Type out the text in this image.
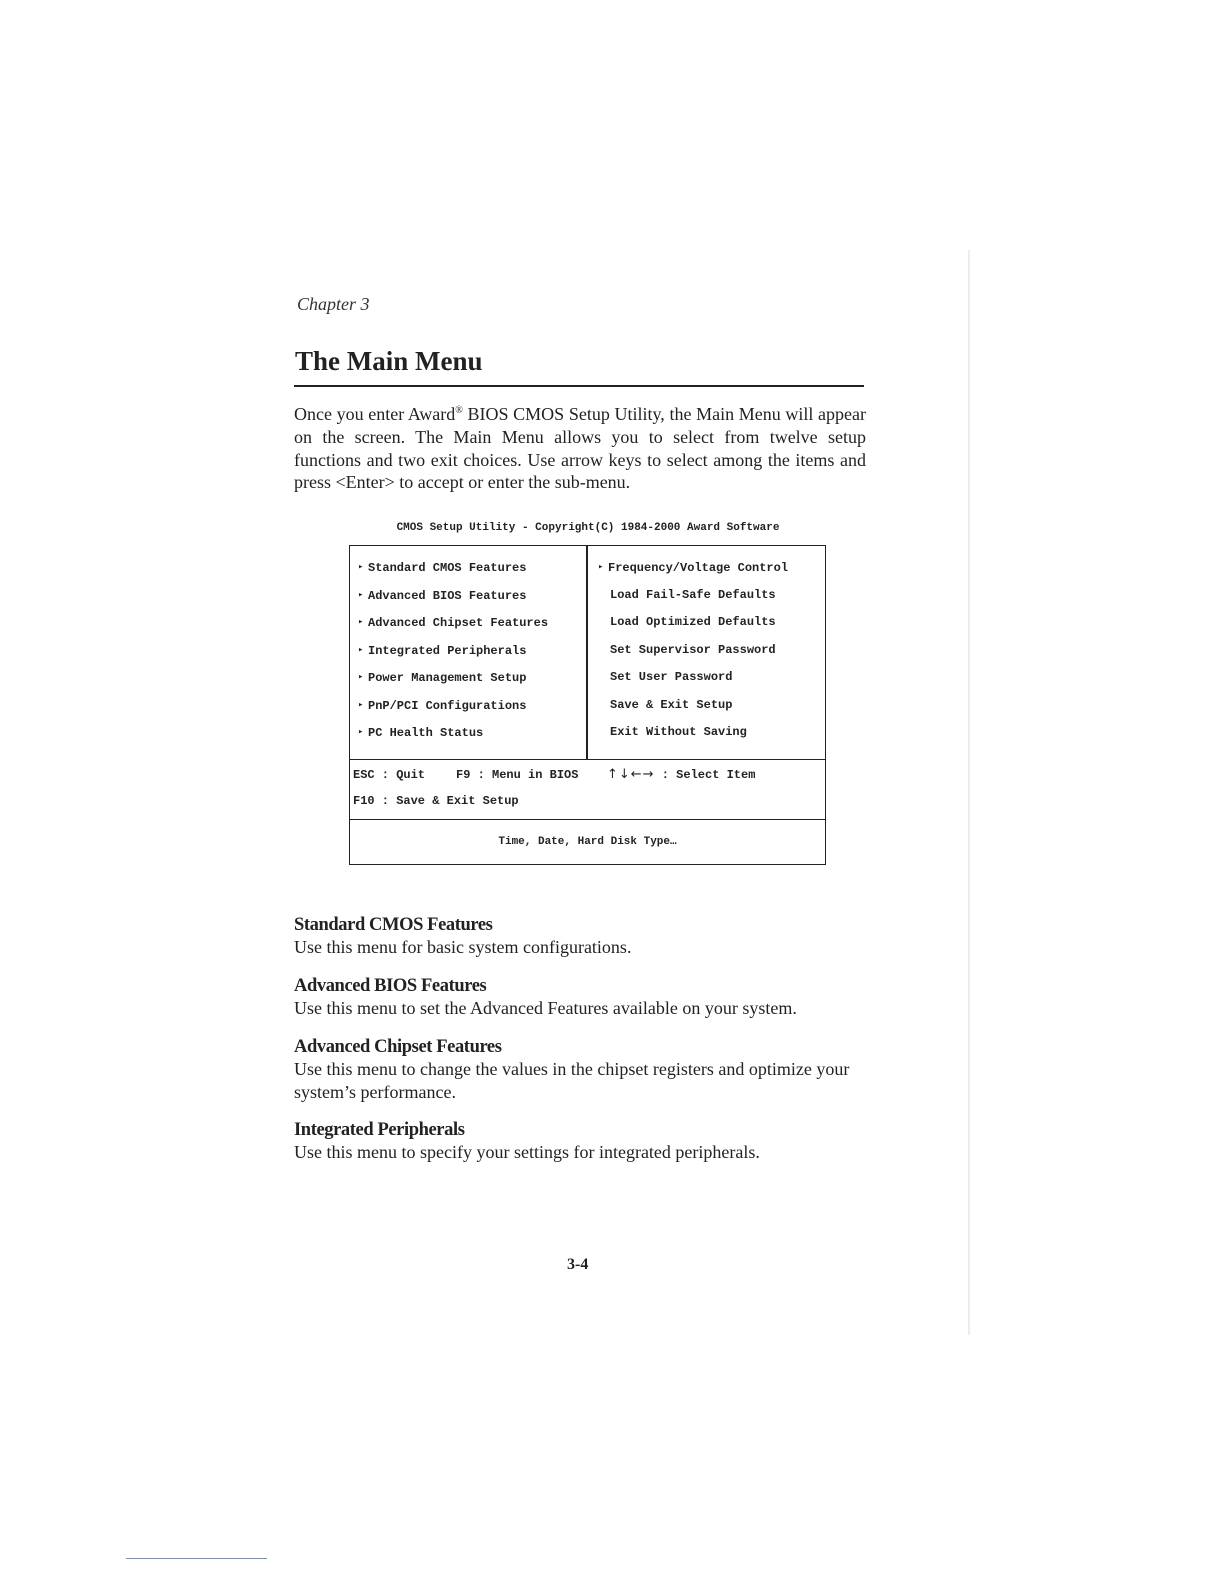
Chapter 3
The Main Menu

Once you enter Award® BIOS CMOS Setup Utility, the Main Menu will appear on the screen. The Main Menu allows you to select from twelve setup functions and two exit choices. Use arrow keys to select among the items and press <Enter> to accept or enter the sub-menu.

CMOS Setup Utility - Copyright(C) 1984-2000 Award Software
▸ Standard CMOS Features
▸ Advanced BIOS Features
▸ Advanced Chipset Features
▸ Integrated Peripherals
▸ Power Management Setup
▸ PnP/PCI Configurations
▸ PC Health Status
▸ Frequency/Voltage Control
Load Fail-Safe Defaults
Load Optimized Defaults
Set Supervisor Password
Set User Password
Save & Exit Setup
Exit Without Saving
ESC : Quit	F9 : Menu in BIOS ↑↓←→ : Select Item
F10 : Save & Exit Setup
Time, Date, Hard Disk Type…
Standard CMOS Features

Use this menu for basic system configurations.

Advanced BIOS Features

Use this menu to set the Advanced Features available on your system.

Advanced Chipset Features

Use this menu to change the values in the chipset registers and optimize your system’s performance.

Integrated Peripherals

Use this menu to specify your settings for integrated peripherals.

3-4
